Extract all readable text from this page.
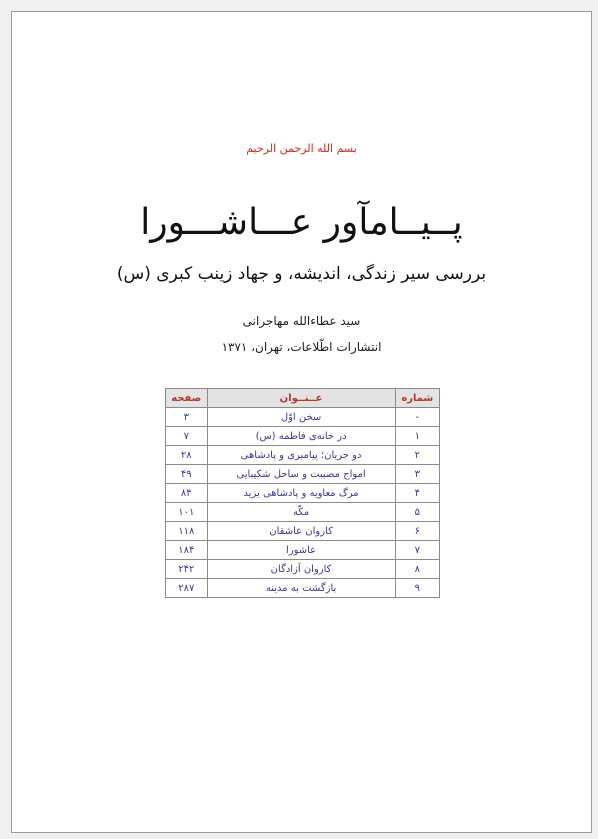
بسم الله الرحمن الرحیم
پــیــامآور عـــاشـــورا
بررسی سیر زندگی، اندیشه، و جهاد زینب کبری (س)
سید عطاءالله مهاجرانی
انتشارات اطّلاعات، تهران، ۱۳۷۱
شماره	عــنــوان	صفحه
-	سخن اوّل	۳
۱	در خانه‌ی فاطمه (س)	۷
۲	دو جریان؛ پیامبری و پادشاهی	۲۸
۳	امواج مصیبت و ساحل شکیبایی	۴۹
۴	مرگ معاویه و پادشاهی یزید	۸۴
۵	مکّه	۱۰۱
۶	کاروان عاشقان	۱۱۸
۷	عاشورا	۱۸۴
۸	کاروان آزادگان	۲۴۲
۹	بازگشت به مدینه	۲۸۷
